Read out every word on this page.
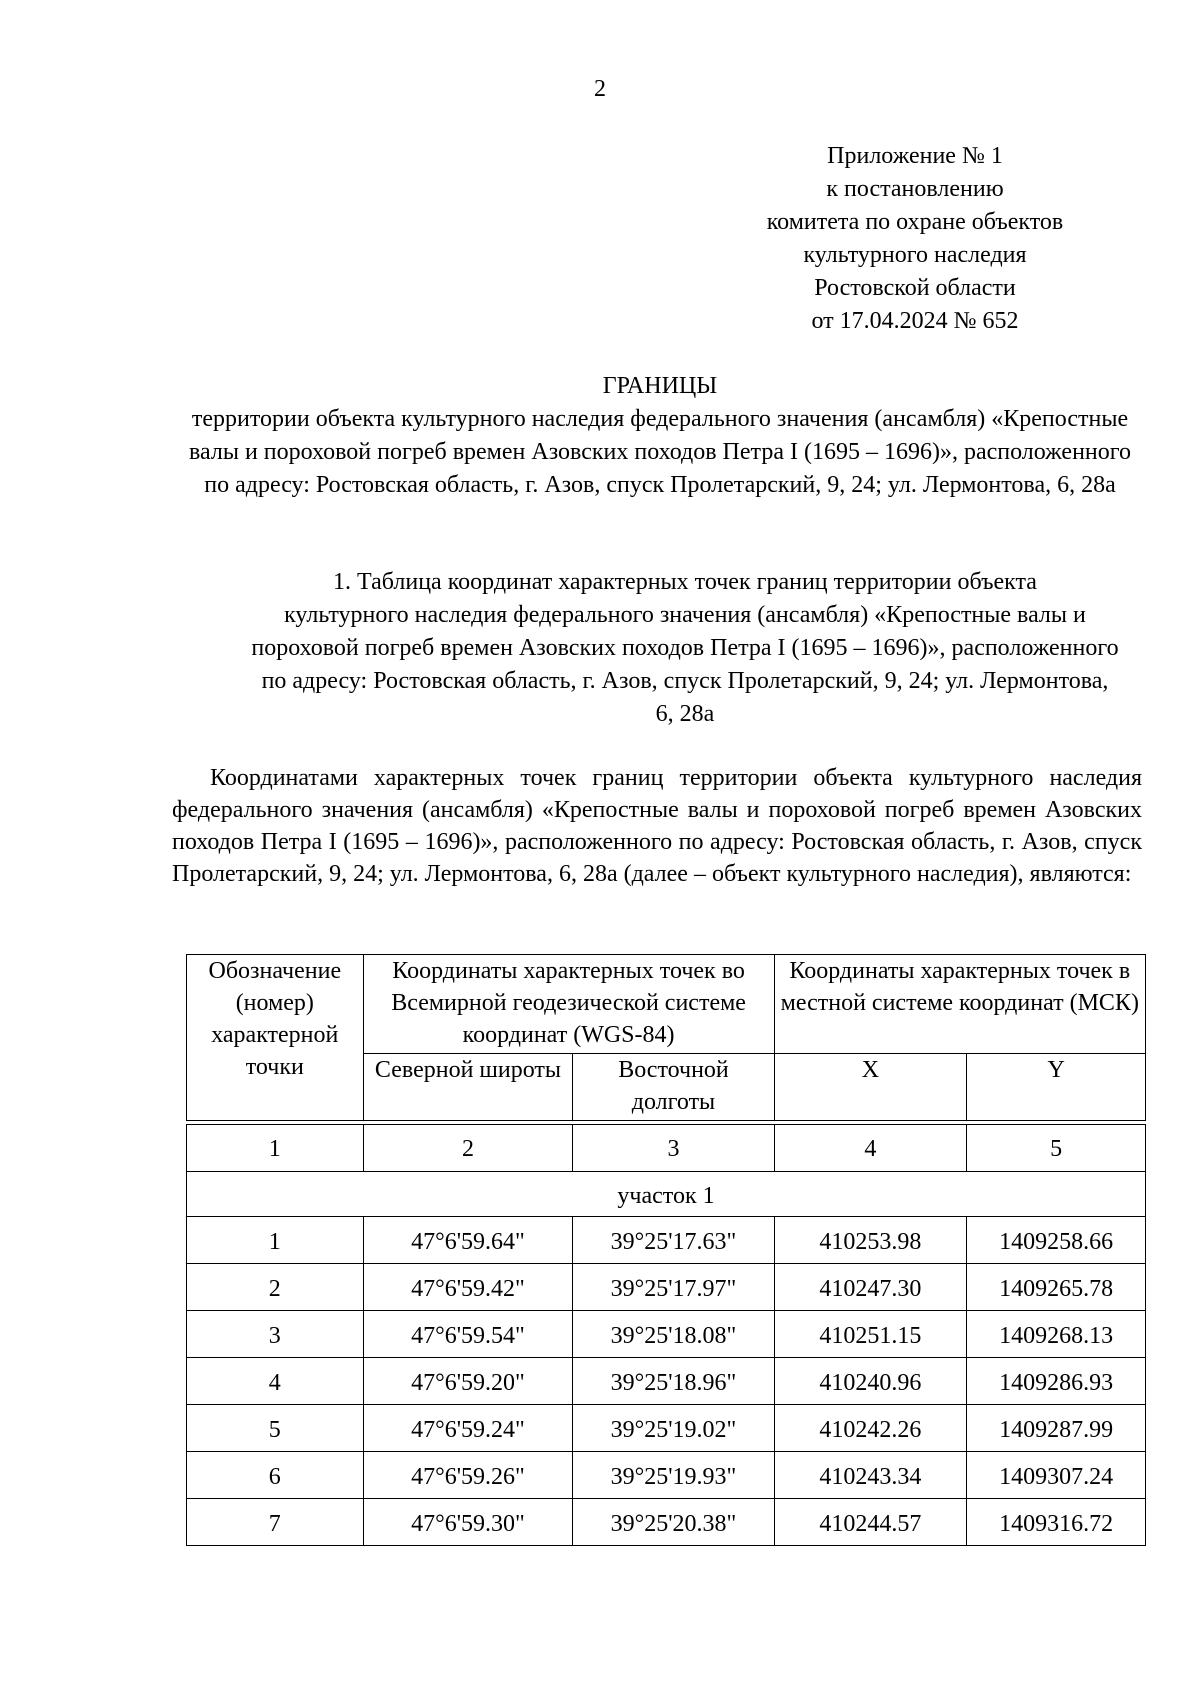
2
Приложение № 1
к постановлению
комитета по охране объектов
культурного наследия
Ростовской области
от 17.04.2024 № 652
ГРАНИЦЫ
территории объекта культурного наследия федерального значения (ансамбля) «Крепостные валы и пороховой погреб времен Азовских походов Петра I (1695 – 1696)», расположенного по адресу: Ростовская область, г. Азов, спуск Пролетарский, 9, 24; ул. Лермонтова, 6, 28а
1. Таблица координат характерных точек границ территории объекта
культурного наследия федерального значения (ансамбля) «Крепостные валы и пороховой погреб времен Азовских походов Петра I (1695 – 1696)», расположенного по адресу: Ростовская область, г. Азов, спуск Пролетарский, 9, 24; ул. Лермонтова, 6, 28а

Координатами характерных точек границ территории объекта культурного наследия федерального значения (ансамбля) «Крепостные валы и пороховой погреб времен Азовских походов Петра I (1695 – 1696)», расположенного по адресу: Ростовская область, г. Азов, спуск Пролетарский, 9, 24; ул. Лермонтова, 6, 28а (далее – объект культурного наследия), являются:

Обозначение (номер) характерной точки	Координаты характерных точек во Всемирной геодезической системе координат (WGS-84)		Координаты характерных точек в местной системе координат (МСК)	
	Северной широты	Восточной долготы	X	Y

1	2	3	4	5
участок 1				
1	47°6'59.64"	39°25'17.63"	410253.98	1409258.66
2	47°6'59.42"	39°25'17.97"	410247.30	1409265.78
3	47°6'59.54"	39°25'18.08"	410251.15	1409268.13
4	47°6'59.20"	39°25'18.96"	410240.96	1409286.93
5	47°6'59.24"	39°25'19.02"	410242.26	1409287.99
6	47°6'59.26"	39°25'19.93"	410243.34	1409307.24
7	47°6'59.30"	39°25'20.38"	410244.57	1409316.72
